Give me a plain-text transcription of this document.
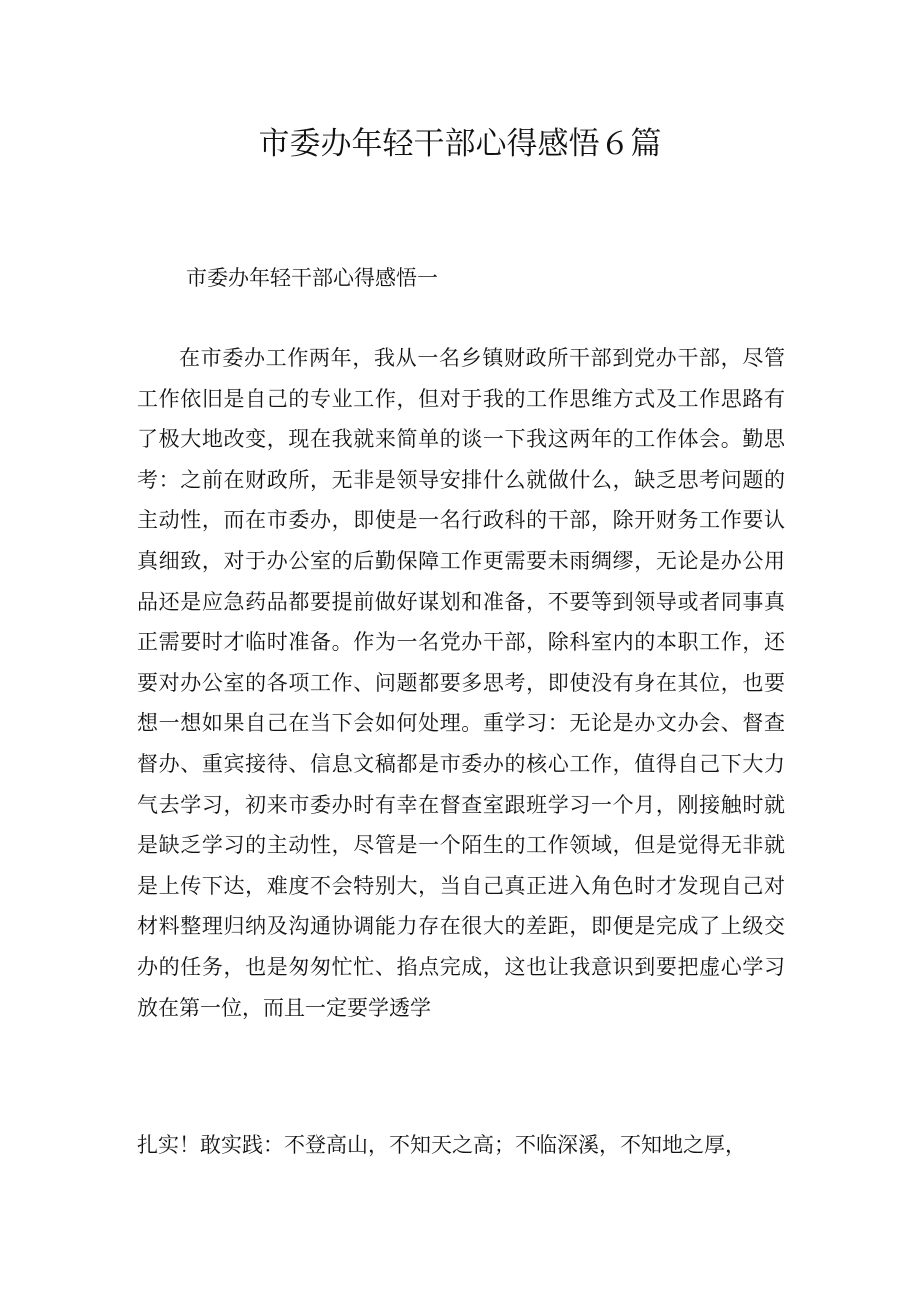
市委办年轻干部心得感悟６篇
市委办年轻干部心得感悟一

在市委办工作两年，我从一名乡镇财政所干部到党办干部，尽管工作依旧是自己的专业工作，但对于我的工作思维方式及工作思路有了极大地改变，现在我就来简单的谈一下我这两年的工作体会。勤思考：之前在财政所，无非是领导安排什么就做什么，缺乏思考问题的主动性，而在市委办，即使是一名行政科的干部，除开财务工作要认真细致，对于办公室的后勤保障工作更需要未雨绸缪，无论是办公用品还是应急药品都要提前做好谋划和准备，不要等到领导或者同事真正需要时才临时准备。作为一名党办干部，除科室内的本职工作，还要对办公室的各项工作、问题都要多思考，即使没有身在其位，也要想一想如果自己在当下会如何处理。重学习：无论是办文办会、督查督办、重宾接待、信息文稿都是市委办的核心工作，值得自己下大力气去学习，初来市委办时有幸在督查室跟班学习一个月，刚接触时就是缺乏学习的主动性，尽管是一个陌生的工作领域，但是觉得无非就是上传下达，难度不会特别大，当自己真正进入角色时才发现自己对材料整理归纳及沟通协调能力存在很大的差距，即便是完成了上级交办的任务，也是匆匆忙忙、掐点完成，这也让我意识到要把虚心学习放在第一位，而且一定要学透学

扎实！敢实践：不登高山，不知天之高；不临深溪，不知地之厚，
